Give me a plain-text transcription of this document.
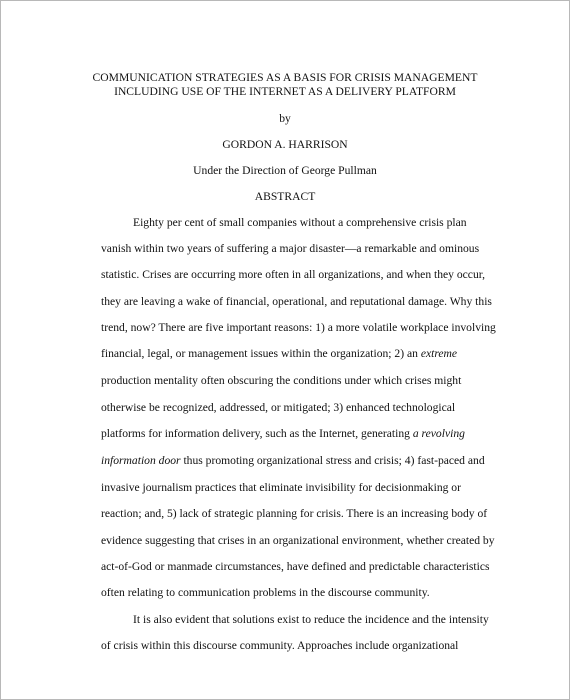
COMMUNICATION STRATEGIES AS A BASIS FOR CRISIS MANAGEMENT
INCLUDING USE OF THE INTERNET AS A DELIVERY PLATFORM
by
GORDON A. HARRISON
Under the Direction of George Pullman
ABSTRACT
Eighty per cent of small companies without a comprehensive crisis plan
vanish within two years of suffering a major disaster—a remarkable and ominous
statistic. Crises are occurring more often in all organizations, and when they occur,
they are leaving a wake of financial, operational, and reputational damage. Why this
trend, now? There are five important reasons: 1) a more volatile workplace involving
financial, legal, or management issues within the organization; 2) an extreme
production mentality often obscuring the conditions under which crises might
otherwise be recognized, addressed, or mitigated; 3) enhanced technological
platforms for information delivery, such as the Internet, generating a revolving
information door thus promoting organizational stress and crisis; 4) fast-paced and
invasive journalism practices that eliminate invisibility for decisionmaking or
reaction; and, 5) lack of strategic planning for crisis. There is an increasing body of
evidence suggesting that crises in an organizational environment, whether created by
act-of-God or manmade circumstances, have defined and predictable characteristics
often relating to communication problems in the discourse community.
It is also evident that solutions exist to reduce the incidence and the intensity
of crisis within this discourse community. Approaches include organizational
